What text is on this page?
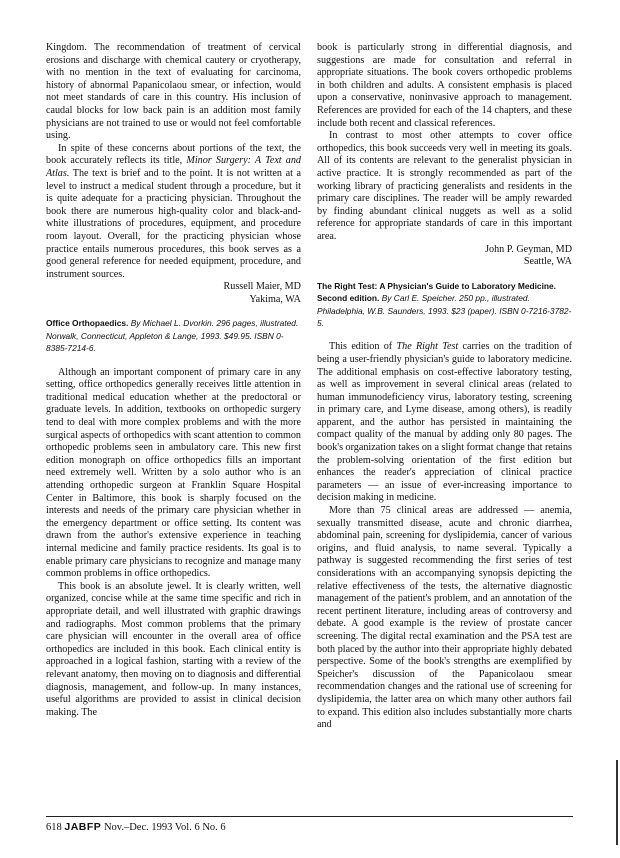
Kingdom. The recommendation of treatment of cervical erosions and discharge with chemical cautery or cryotherapy, with no mention in the text of evaluating for carcinoma, history of abnormal Papanicolaou smear, or infection, would not meet standards of care in this country. His inclusion of caudal blocks for low back pain is an addition most family physicians are not trained to use or would not feel comfortable using.

In spite of these concerns about portions of the text, the book accurately reflects its title, Minor Surgery: A Text and Atlas. The text is brief and to the point. It is not written at a level to instruct a medical student through a procedure, but it is quite adequate for a practicing physician. Throughout the book there are numerous high-quality color and black-and-white illustrations of procedures, equipment, and procedure room layout. Overall, for the practicing physician whose practice entails numerous procedures, this book serves as a good general reference for needed equipment, procedure, and instrument sources.

Russell Maier, MD
Yakima, WA
Office Orthopaedics. By Michael L. Dvorkin. 296 pages, illustrated. Norwalk, Connecticut, Appleton & Lange, 1993. $49.95. ISBN 0-8385-7214-6.

Although an important component of primary care in any setting, office orthopedics generally receives little attention in traditional medical education whether at the predoctoral or graduate levels. In addition, textbooks on orthopedic surgery tend to deal with more complex problems and with the more surgical aspects of orthopedics with scant attention to common orthopedic problems seen in ambulatory care. This new first edition monograph on office orthopedics fills an important need extremely well. Written by a solo author who is an attending orthopedic surgeon at Franklin Square Hospital Center in Baltimore, this book is sharply focused on the interests and needs of the primary care physician whether in the emergency department or office setting. Its content was drawn from the author's extensive experience in teaching internal medicine and family practice residents. Its goal is to enable primary care physicians to recognize and manage many common problems in office orthopedics.

This book is an absolute jewel. It is clearly written, well organized, concise while at the same time specific and rich in appropriate detail, and well illustrated with graphic drawings and radiographs. Most common problems that the primary care physician will encounter in the overall area of office orthopedics are included in this book. Each clinical entity is approached in a logical fashion, starting with a review of the relevant anatomy, then moving on to diagnosis and differential diagnosis, management, and follow-up. In many instances, useful algorithms are provided to assist in clinical decision making. The

book is particularly strong in differential diagnosis, and suggestions are made for consultation and referral in appropriate situations. The book covers orthopedic problems in both children and adults. A consistent emphasis is placed upon a conservative, noninvasive approach to management. References are provided for each of the 14 chapters, and these include both recent and classical references.

In contrast to most other attempts to cover office orthopedics, this book succeeds very well in meeting its goals. All of its contents are relevant to the generalist physician in active practice. It is strongly recommended as part of the working library of practicing generalists and residents in the primary care disciplines. The reader will be amply rewarded by finding abundant clinical nuggets as well as a solid reference for appropriate standards of care in this important area.

John P. Geyman, MD
Seattle, WA
The Right Test: A Physician's Guide to Laboratory Medicine. Second edition. By Carl E. Speicher. 250 pp., illustrated. Philadelphia, W.B. Saunders, 1993. $23 (paper). ISBN 0-7216-3782-5.

This edition of The Right Test carries on the tradition of being a user-friendly physician's guide to laboratory medicine. The additional emphasis on cost-effective laboratory testing, as well as improvement in several clinical areas (related to human immunodeficiency virus, laboratory testing, screening in primary care, and Lyme disease, among others), is readily apparent, and the author has persisted in maintaining the compact quality of the manual by adding only 80 pages. The book's organization takes on a slight format change that retains the problem-solving orientation of the first edition but enhances the reader's appreciation of clinical practice parameters — an issue of ever-increasing importance to decision making in medicine.

More than 75 clinical areas are addressed — anemia, sexually transmitted disease, acute and chronic diarrhea, abdominal pain, screening for dyslipidemia, cancer of various origins, and fluid analysis, to name several. Typically a pathway is suggested recommending the first series of test considerations with an accompanying synopsis depicting the relative effectiveness of the tests, the alternative diagnostic management of the patient's problem, and an annotation of the recent pertinent literature, including areas of controversy and debate. A good example is the review of prostate cancer screening. The digital rectal examination and the PSA test are both placed by the author into their appropriate highly debated perspective. Some of the book's strengths are exemplified by Speicher's discussion of the Papanicolaou smear recommendation changes and the rational use of screening for dyslipidemia, the latter area on which many other authors fail to expand. This edition also includes substantially more charts and

618 JABFP Nov.–Dec. 1993 Vol. 6 No. 6
